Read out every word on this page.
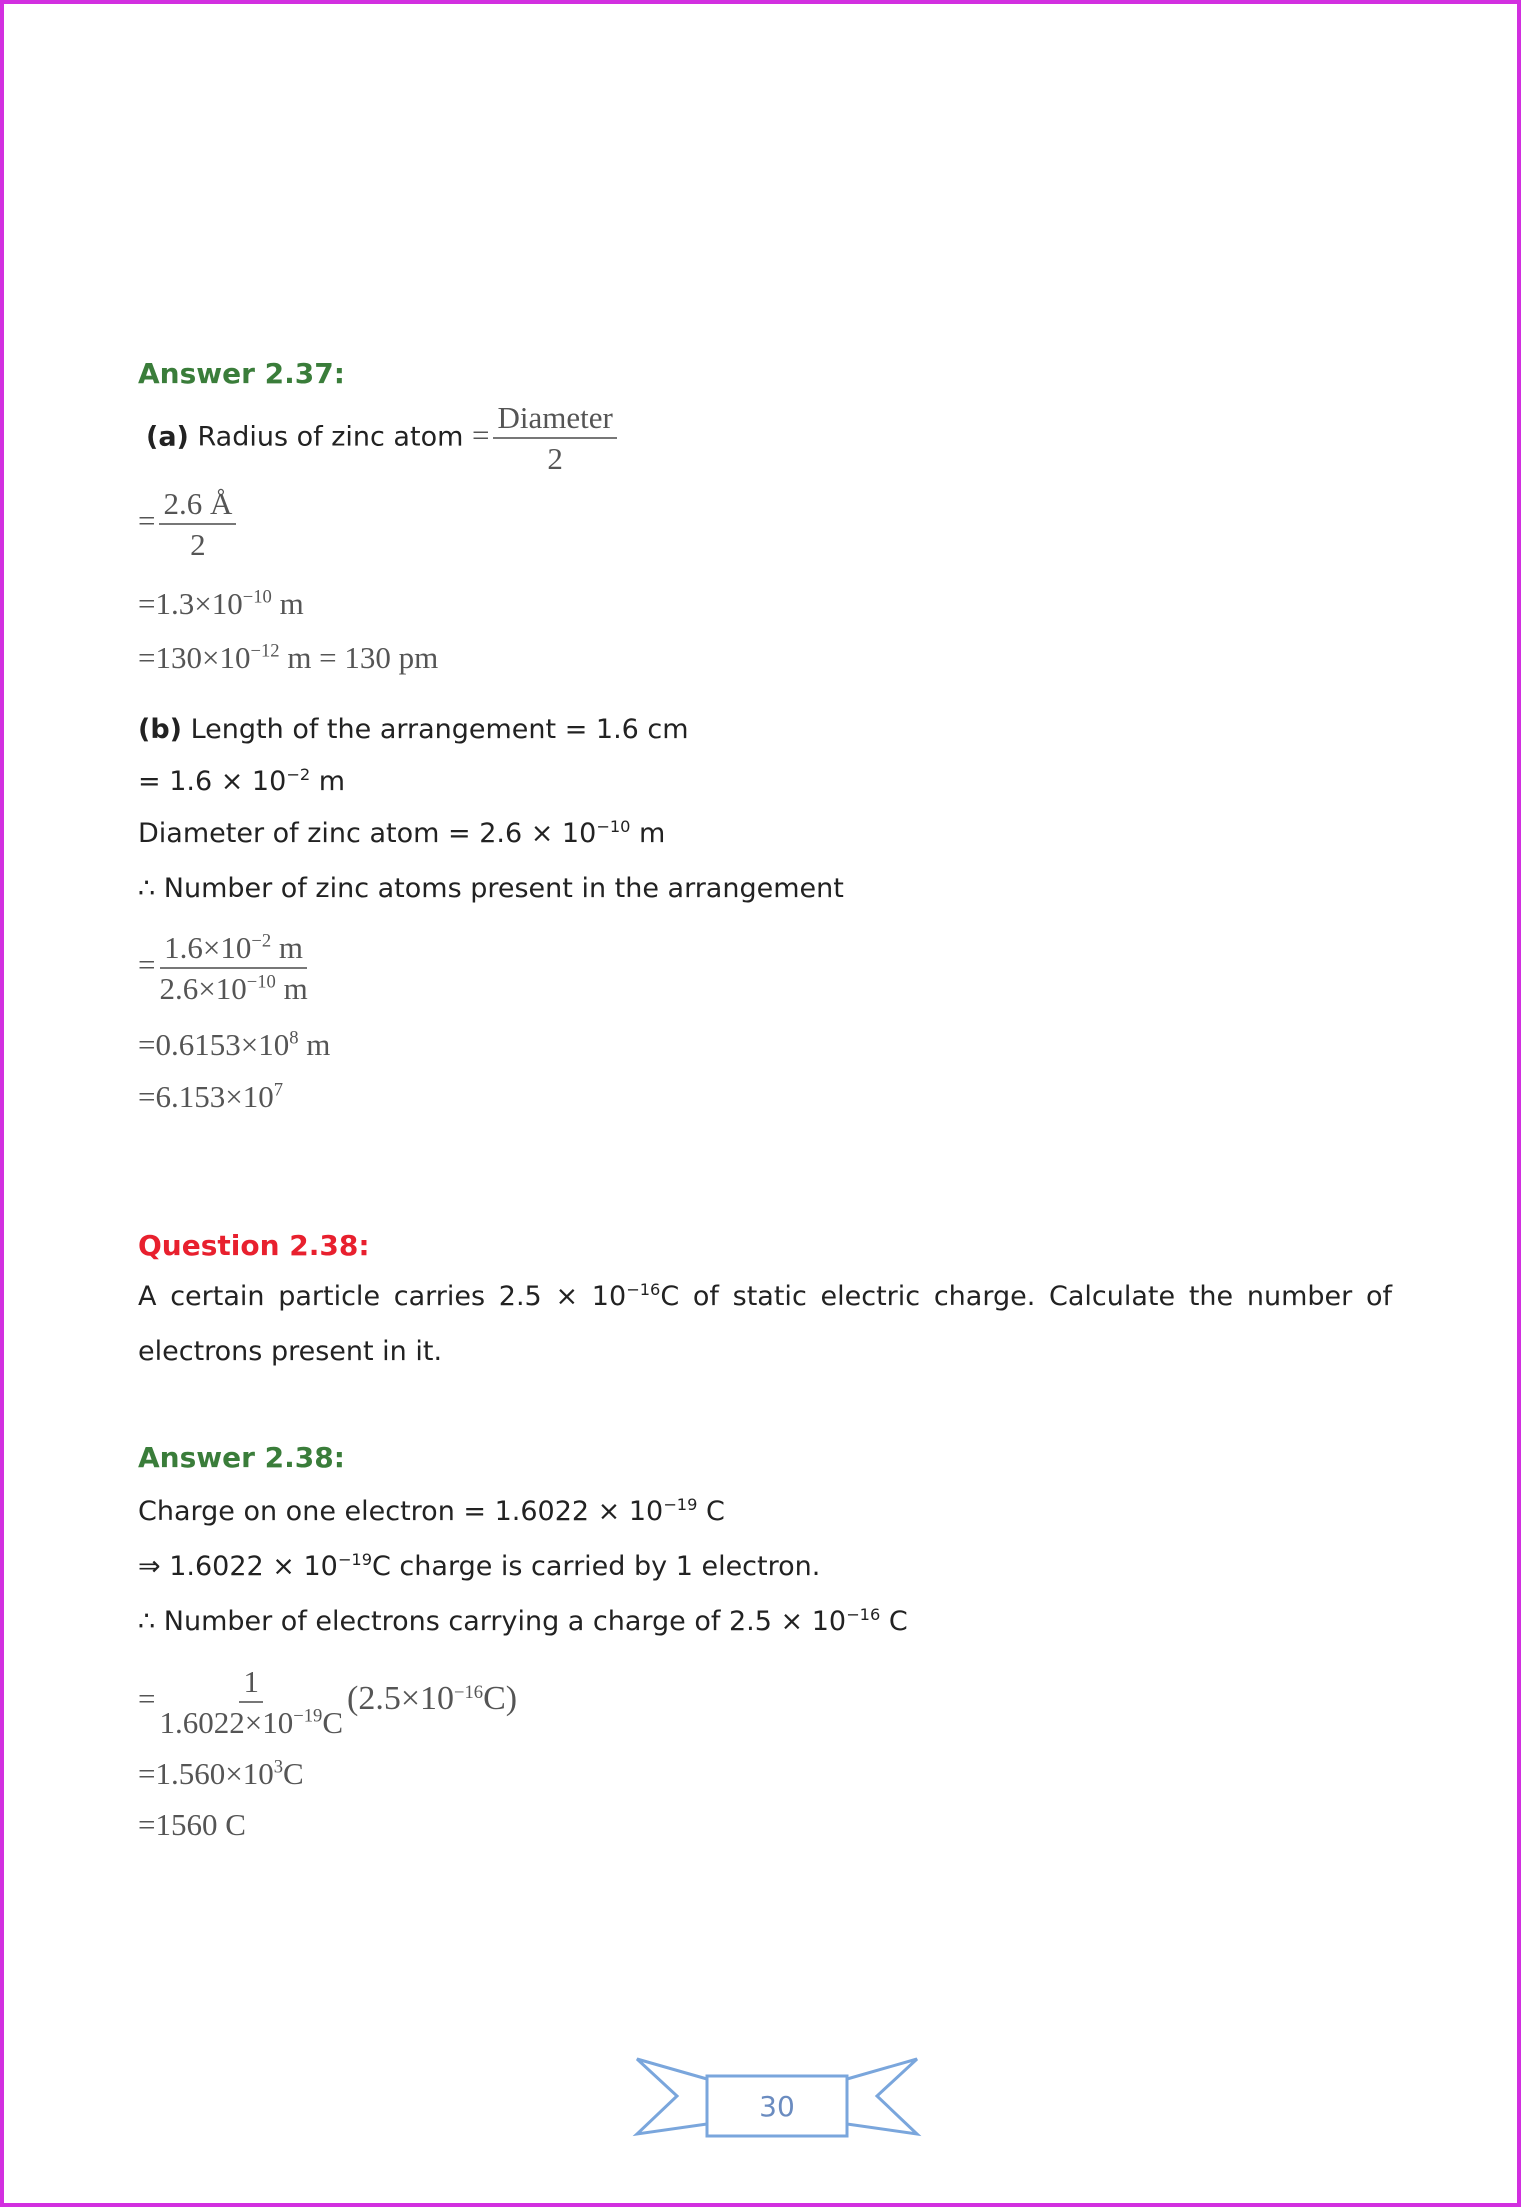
Answer 2.37:
(a) Radius of zinc atom = $\frac{\text{Diameter}}{2}$
= $\frac{2.6 Å}{2}$
$=1.3\times 10^{-10}$ m
$=130\times 10^{-12}$ m = 130 pm
(b) Length of the arrangement = 1.6 cm
= $1.6 \times 10^{-2}$ m
Diameter of zinc atom = $2.6 \times 10^{-10}$ m
∴ Number of zinc atoms present in the arrangement
= $\frac{1.6\times 10^{-2} m}{2.6\times 10^{-10} m}$
$=0.6153\times 10^8$ m
$=6.153\times 10^7$
Question 2.38:
A certain particle carries $2.5 \times 10^{-16}C$ of static electric charge. Calculate the number of
electrons present in it.
Answer 2.38:
Charge on one electron = $1.6022 \times 10^{-19}$ C
⇒ $1.6022 \times 10^{-19}C$ charge is carried by 1 electron.
∴ Number of electrons carrying a charge of $2.5 \times 10^{-16}$ C
= $\frac{1}{1.6022\times 10^{-19}C} (2.5\times 10^{-16}C)$
$=1.560\times 10^3C$
=1560 C
30
